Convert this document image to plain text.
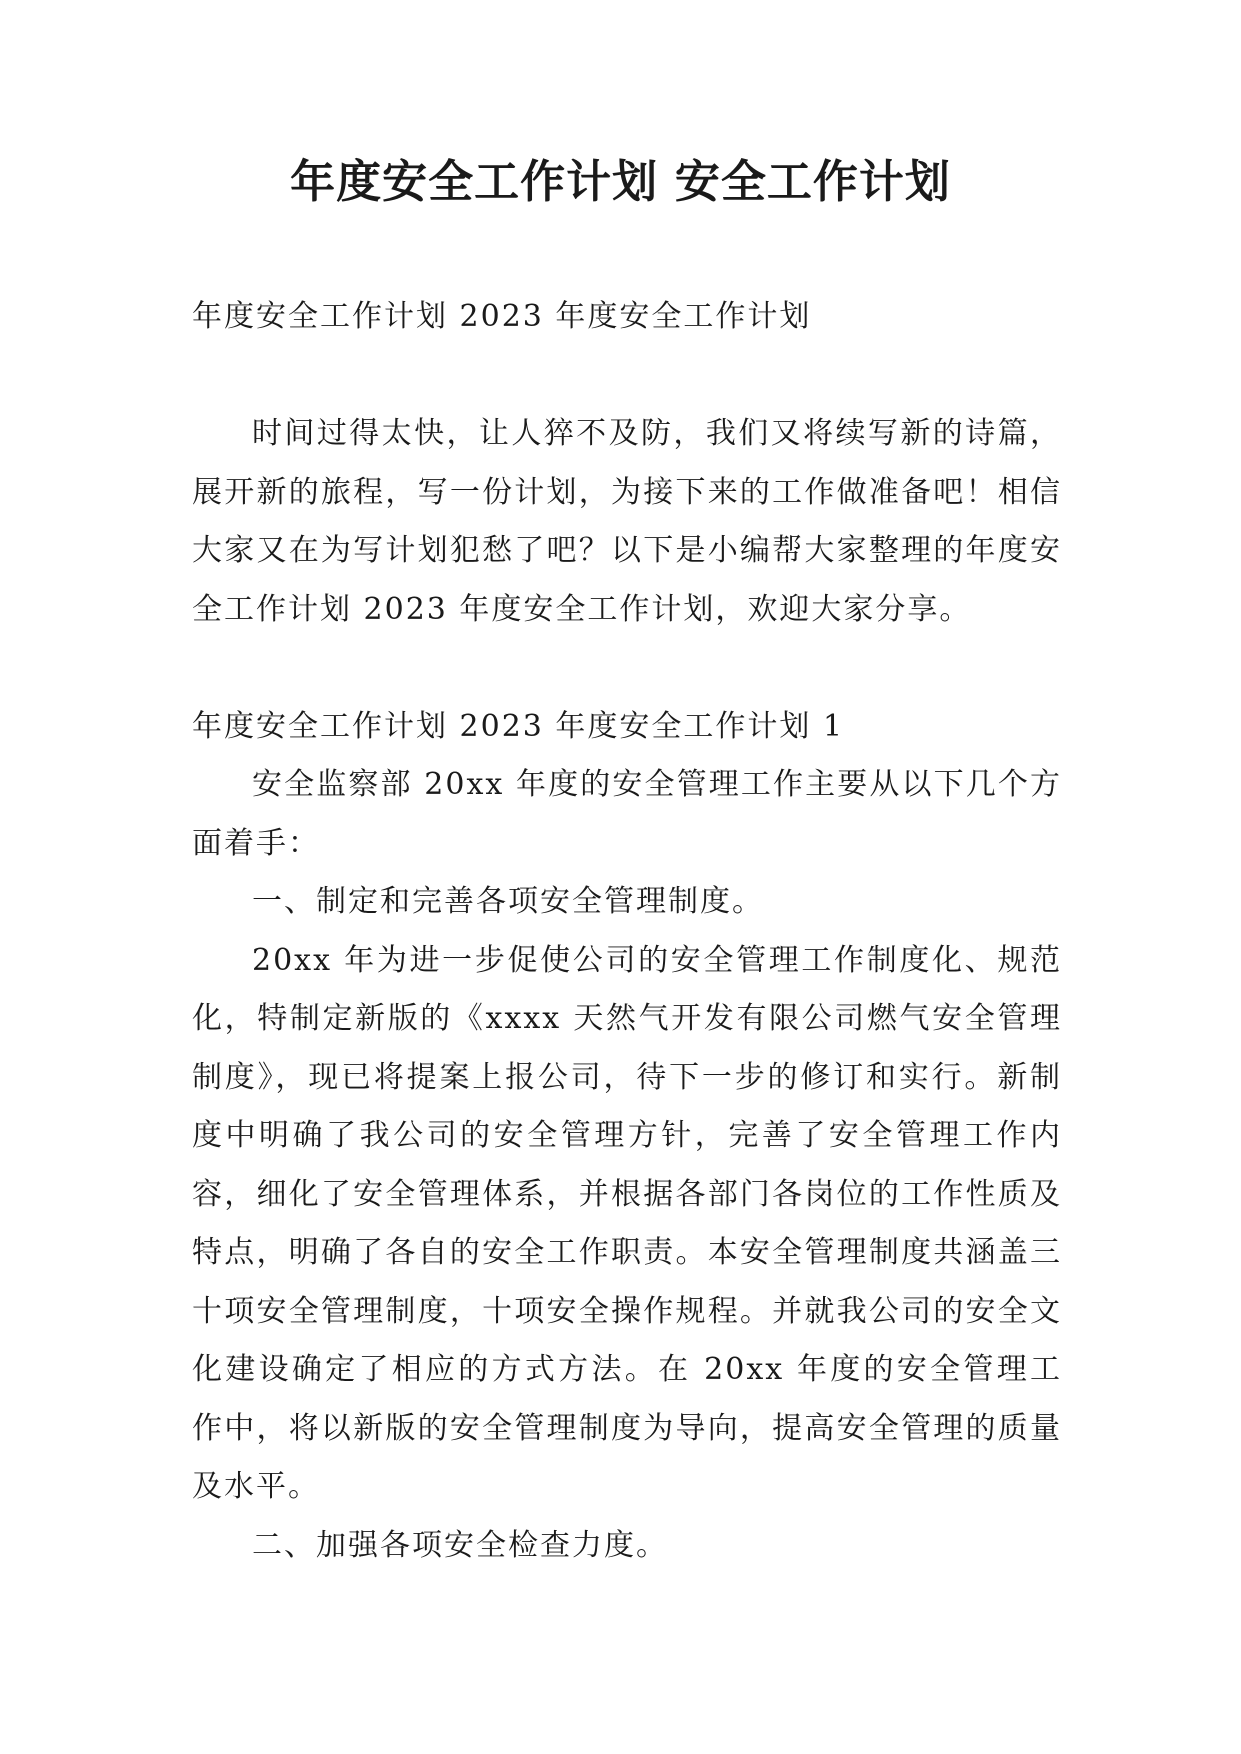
年度安全工作计划 安全工作计划

年度安全工作计划 2023 年度安全工作计划

时间过得太快，让人猝不及防，我们又将续写新的诗篇，展开新的旅程，写一份计划，为接下来的工作做准备吧！相信大家又在为写计划犯愁了吧？以下是小编帮大家整理的年度安全工作计划 2023 年度安全工作计划，欢迎大家分享。

年度安全工作计划 2023 年度安全工作计划 1

安全监察部 20xx 年度的安全管理工作主要从以下几个方面着手：

一、制定和完善各项安全管理制度。

20xx 年为进一步促使公司的安全管理工作制度化、规范化，特制定新版的《xxxx 天然气开发有限公司燃气安全管理制度》，现已将提案上报公司，待下一步的修订和实行。新制度中明确了我公司的安全管理方针，完善了安全管理工作内容，细化了安全管理体系，并根据各部门各岗位的工作性质及特点，明确了各自的安全工作职责。本安全管理制度共涵盖三十项安全管理制度，十项安全操作规程。并就我公司的安全文化建设确定了相应的方式方法。在 20xx 年度的安全管理工作中，将以新版的安全管理制度为导向，提高安全管理的质量及水平。

二、加强各项安全检查力度。
